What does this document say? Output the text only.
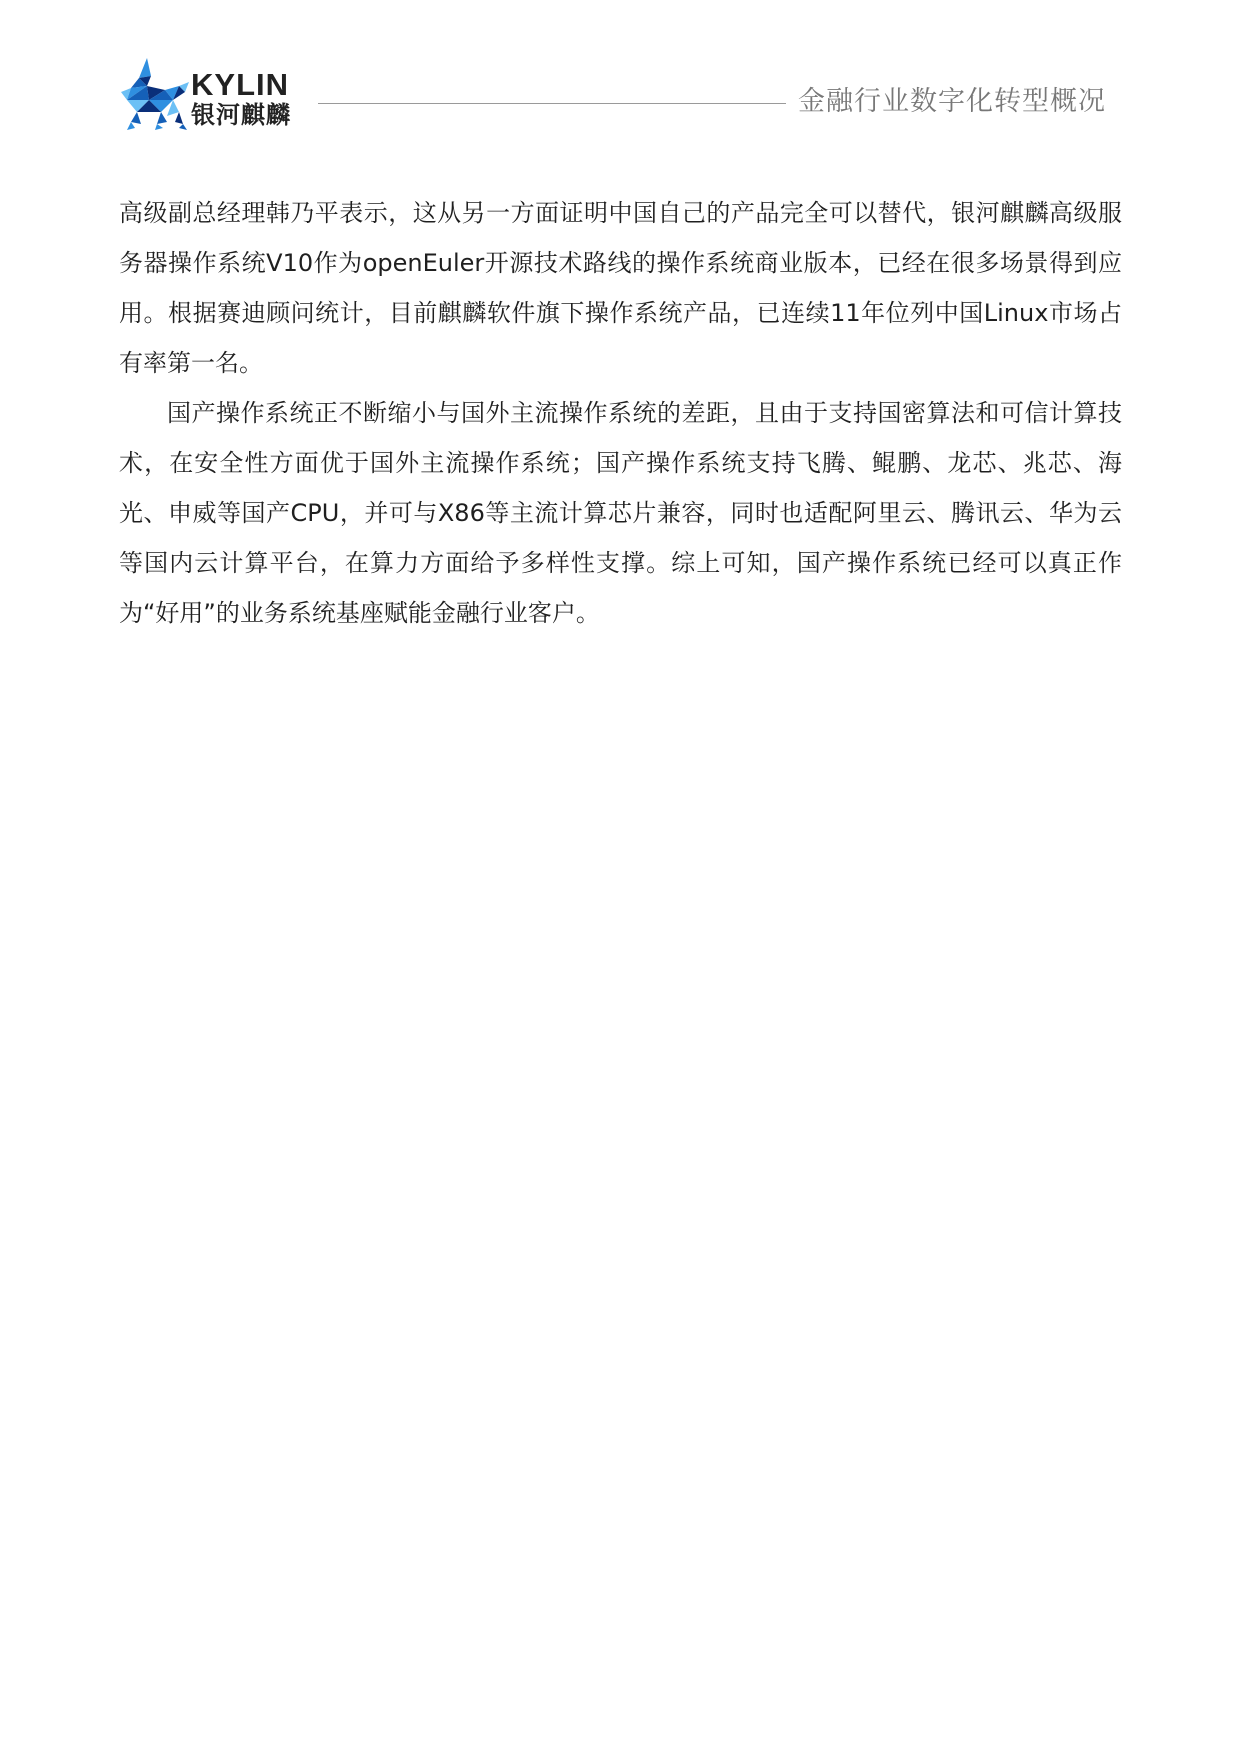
KYLIN
银河麒麟	金融行业数字化转型概况

高级副总经理韩乃平表示，这从另一方面证明中国自己的产品完全可以替代，银河麒麟高级服务器操作系统V10作为openEuler开源技术路线的操作系统商业版本，已经在很多场景得到应用。根据赛迪顾问统计，目前麒麟软件旗下操作系统产品，已连续11年位列中国Linux市场占有率第一名。

国产操作系统正不断缩小与国外主流操作系统的差距，且由于支持国密算法和可信计算技术，在安全性方面优于国外主流操作系统；国产操作系统支持飞腾、鲲鹏、龙芯、兆芯、海光、申威等国产CPU，并可与X86等主流计算芯片兼容，同时也适配阿里云、腾讯云、华为云等国内云计算平台，在算力方面给予多样性支撑。综上可知，国产操作系统已经可以真正作为“好用”的业务系统基座赋能金融行业客户。
